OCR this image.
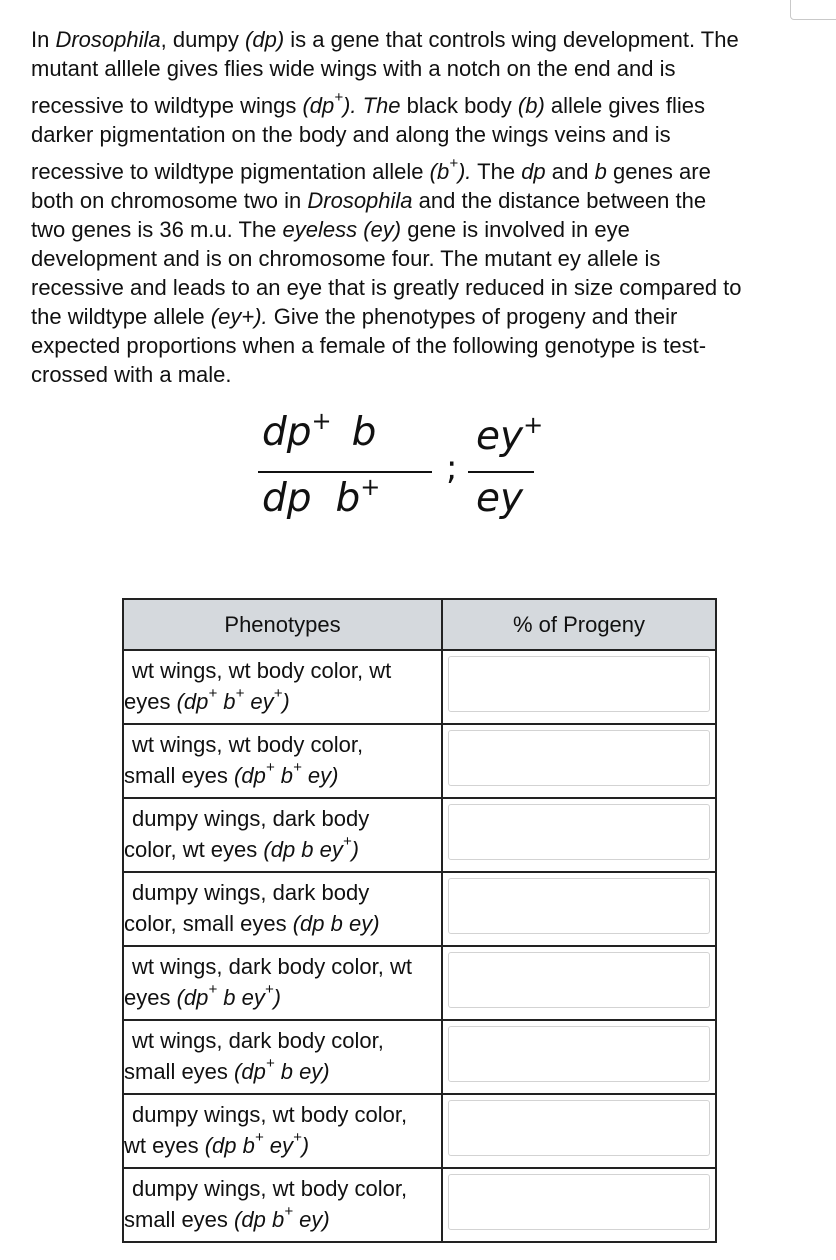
In Drosophila, dumpy (dp) is a gene that controls wing development. The
mutant alllele gives flies wide wings with a notch on the end and is
recessive to wildtype wings (dp+). The black body (b) allele gives flies
darker pigmentation on the body and along the wings veins and is
recessive to wildtype pigmentation allele (b+). The dp and b genes are
both on chromosome two in Drosophila and the distance between the
two genes is 36 m.u. The eyeless (ey) gene is involved in eye
development and is on chromosome four. The mutant ey allele is
recessive and leads to an eye that is greatly reduced in size compared to
the wildtype allele (ey+). Give the phenotypes of progeny and their
expected proportions when a female of the following genotype is test-
crossed with a male.
dp+ b
dp b+ ;
ey+
ey
Phenotypes	% of Progeny

wt wings, wt body color, wt
eyes (dp+ b+ ey+)

wt wings, wt body color,
small eyes (dp+ b+ ey)

dumpy wings, dark body
color, wt eyes (dp b ey+)

dumpy wings, dark body
color, small eyes (dp b ey)

wt wings, dark body color, wt
eyes (dp+ b ey+)

wt wings, dark body color,
small eyes (dp+ b ey)

dumpy wings, wt body color,
wt eyes (dp b+ ey+)

dumpy wings, wt body color,
small eyes (dp b+ ey)
